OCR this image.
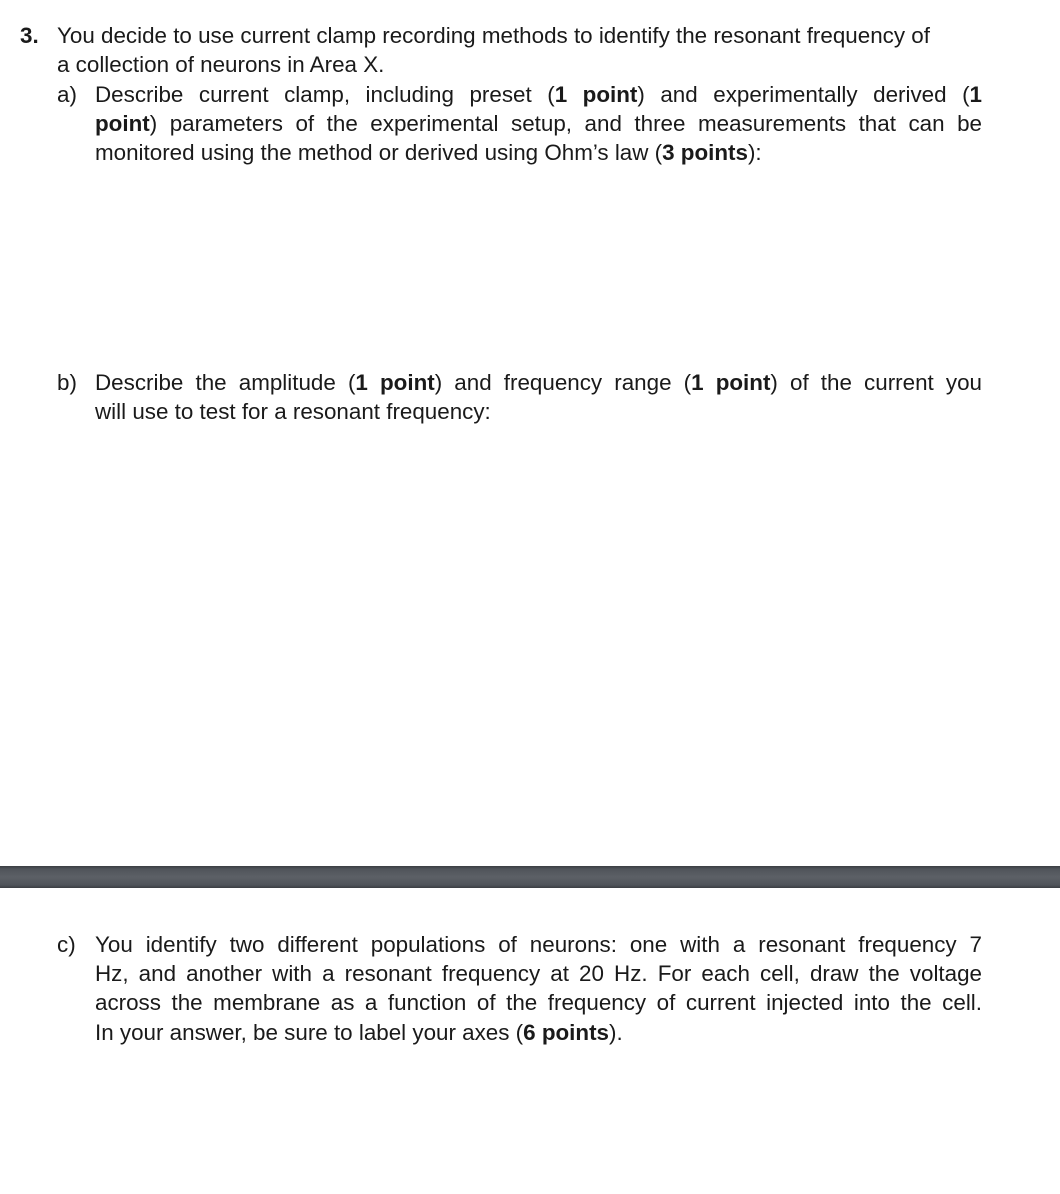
3. You decide to use current clamp recording methods to identify the resonant frequency of
a collection of neurons in Area X.
a) Describe current clamp, including preset (1 point) and experimentally derived (1
point) parameters of the experimental setup, and three measurements that can be
monitored using the method or derived using Ohm’s law (3 points):
b) Describe the amplitude (1 point) and frequency range (1 point) of the current you
will use to test for a resonant frequency:
c) You identify two different populations of neurons: one with a resonant frequency 7
Hz, and another with a resonant frequency at 20 Hz. For each cell, draw the voltage
across the membrane as a function of the frequency of current injected into the cell.
In your answer, be sure to label your axes (6 points).
